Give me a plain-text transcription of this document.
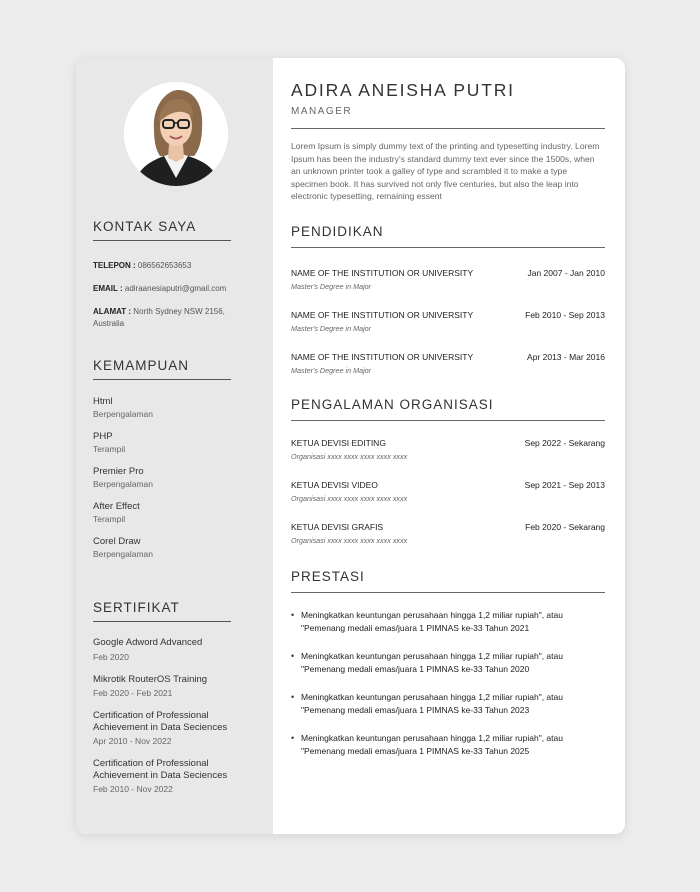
KONTAK SAYA
TELEPON : 086562653653
EMAIL : adiraanesiaputri@gmail.com
ALAMAT : North Sydney NSW 2156, Australia
KEMAMPUAN
Html
Berpengalaman
PHP
Terampil
Premier Pro
Berpengalaman
After Effect
Terampil
Corel Draw
Berpengalaman
SERTIFIKAT
Google Adword Advanced
Feb 2020
Mikrotik RouterOS Training
Feb 2020 - Feb 2021
Certification of Professional Achievement in Data Seciences
Apr 2010 - Nov 2022
Certification of Professional Achievement in Data Seciences
Feb 2010 - Nov 2022
ADIRA ANEISHA PUTRI
MANAGER
Lorem Ipsum is simply dummy text of the printing and typesetting industry. Lorem Ipsum has been the industry's standard dummy text ever since the 1500s, when an unknown printer took a galley of type and scrambled it to make a type specimen book. It has survived not only five centuries, but also the leap into electronic typesetting, remaining essent
PENDIDIKAN
NAME OF THE INSTITUTION OR UNIVERSITY	Jan 2007 - Jan 2010
Master's Degree in Major
NAME OF THE INSTITUTION OR UNIVERSITY	Feb 2010 - Sep 2013
Master's Degree in Major
NAME OF THE INSTITUTION OR UNIVERSITY	Apr 2013 - Mar 2016
Master's Degree in Major
PENGALAMAN ORGANISASI
KETUA DEVISI EDITING	Sep 2022 - Sekarang
Organisasi xxxx xxxx xxxx xxxx xxxx
KETUA DEVISI VIDEO	Sep 2021 - Sep 2013
Organisasi xxxx xxxx xxxx xxxx xxxx
KETUA DEVISI GRAFIS	Feb 2020 - Sekarang
Organisasi xxxx xxxx xxxx xxxx xxxx
PRESTASI
• Meningkatkan keuntungan perusahaan hingga 1,2 miliar rupiah", atau
"Pemenang medali emas/juara 1 PIMNAS ke-33 Tahun 2021
• Meningkatkan keuntungan perusahaan hingga 1,2 miliar rupiah", atau
"Pemenang medali emas/juara 1 PIMNAS ke-33 Tahun 2020
• Meningkatkan keuntungan perusahaan hingga 1,2 miliar rupiah", atau
"Pemenang medali emas/juara 1 PIMNAS ke-33 Tahun 2023
• Meningkatkan keuntungan perusahaan hingga 1,2 miliar rupiah", atau
"Pemenang medali emas/juara 1 PIMNAS ke-33 Tahun 2025
